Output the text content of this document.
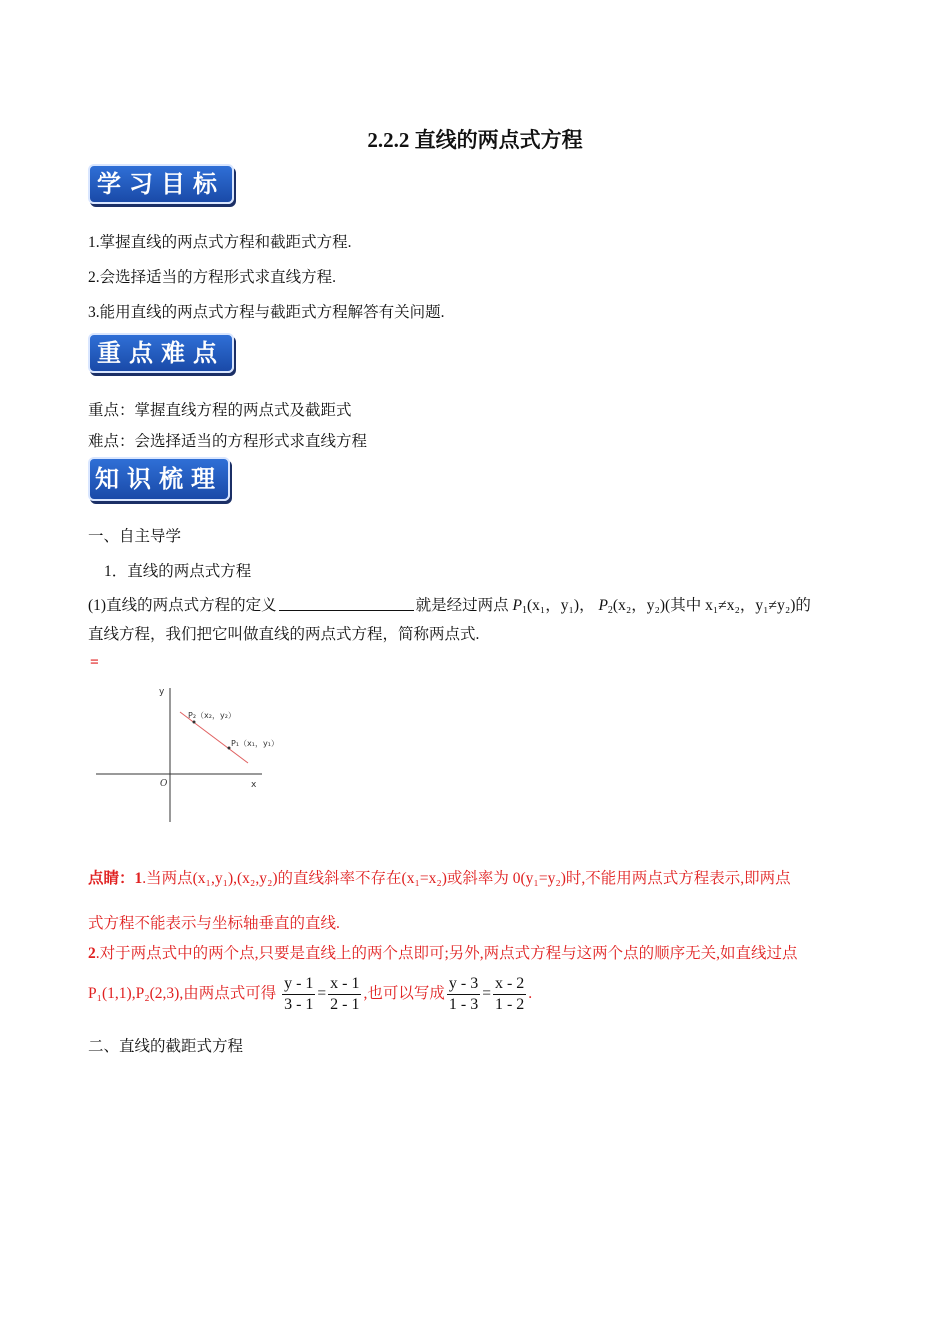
2.2.2 直线的两点式方程
学习目标
1.掌握直线的两点式方程和截距式方程.
2.会选择适当的方程形式求直线方程.
3.能用直线的两点式方程与截距式方程解答有关问题.
重点难点
重点：掌握直线方程的两点式及截距式
难点：会选择适当的方程形式求直线方程
知识梳理
一、自主导学
1．直线的两点式方程
(1)直线的两点式方程的定义	就是经过两点 $P_1(x_1$，y₁)， $P_2(x_2$，y₂)(其中 x₁≠x₂，y₁≠y₂)的
直线方程，我们把它叫做直线的两点式方程，简称两点式.
=
y
x
O
P₂（x₂，y₂）
P₁（x₁，y₁）
点睛：1.当两点(x₁,y₁),(x₂,y₂)的直线斜率不存在(x₁=x₂)或斜率为 0(y₁=y₂)时,不能用两点式方程表示,即两点
式方程不能表示与坐标轴垂直的直线.
2.对于两点式中的两个点,只要是直线上的两个点即可;另外,两点式方程与这两个点的顺序无关,如直线过点
P₁(1,1),P₂(2,3),由两点式可得 $\frac{y - 1}{3 - 1} = \frac{x - 1}{2 - 1}$ ,也可以写成 $\frac{y - 3}{1 - 3} = \frac{x - 2}{1 - 2}$ .
二、直线的截距式方程
